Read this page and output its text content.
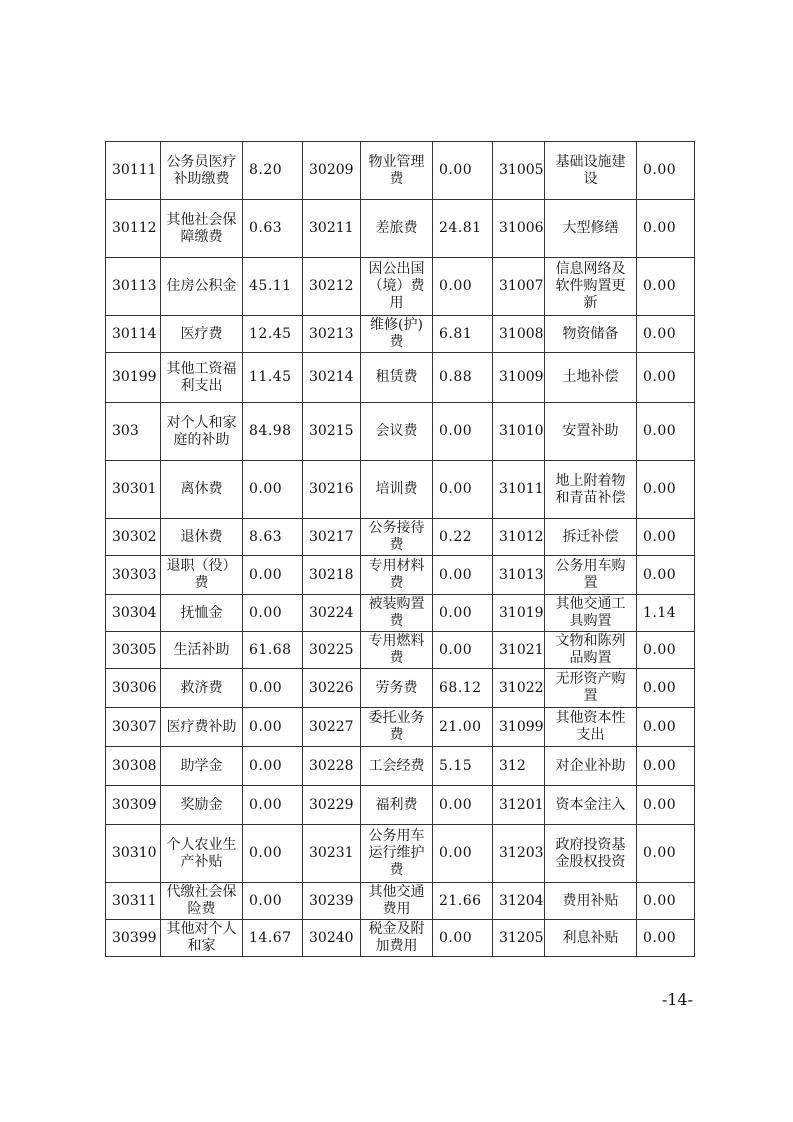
30111	公务员医疗补助缴费	8.20	30209	物业管理费	0.00	31005	基础设施建设	0.00
30112	其他社会保障缴费	0.63	30211	差旅费	24.81	31006	大型修缮	0.00
30113	住房公积金	45.11	30212	因公出国（境）费用	0.00	31007	信息网络及软件购置更新	0.00
30114	医疗费	12.45	30213	维修(护)费	6.81	31008	物资储备	0.00
30199	其他工资福利支出	11.45	30214	租赁费	0.88	31009	土地补偿	0.00
303	对个人和家庭的补助	84.98	30215	会议费	0.00	31010	安置补助	0.00
30301	离休费	0.00	30216	培训费	0.00	31011	地上附着物和青苗补偿	0.00
30302	退休费	8.63	30217	公务接待费	0.22	31012	拆迁补偿	0.00
30303	退职（役）费	0.00	30218	专用材料费	0.00	31013	公务用车购置	0.00
30304	抚恤金	0.00	30224	被装购置费	0.00	31019	其他交通工具购置	1.14
30305	生活补助	61.68	30225	专用燃料费	0.00	31021	文物和陈列品购置	0.00
30306	救济费	0.00	30226	劳务费	68.12	31022	无形资产购置	0.00
30307	医疗费补助	0.00	30227	委托业务费	21.00	31099	其他资本性支出	0.00
30308	助学金	0.00	30228	工会经费	5.15	312	对企业补助	0.00
30309	奖励金	0.00	30229	福利费	0.00	31201	资本金注入	0.00
30310	个人农业生产补贴	0.00	30231	公务用车运行维护费	0.00	31203	政府投资基金股权投资	0.00
30311	代缴社会保险费	0.00	30239	其他交通费用	21.66	31204	费用补贴	0.00
30399	其他对个人和家	14.67	30240	税金及附加费用	0.00	31205	利息补贴	0.00
-14-
